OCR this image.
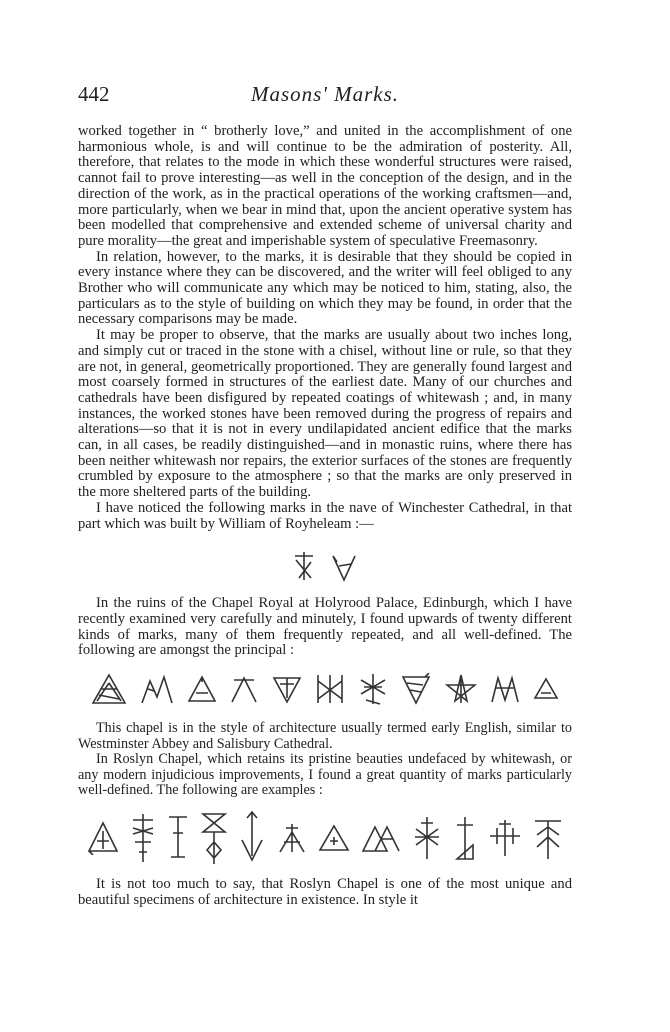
442	Masons' Marks.

worked together in “ brotherly love,” and united in the accomplishment of one harmonious whole, is and will continue to be the admiration of posterity. All, therefore, that relates to the mode in which these wonderful structures were raised, cannot fail to prove interesting—as well in the conception of the design, and in the direction of the work, as in the practical operations of the working craftsmen—and, more particularly, when we bear in mind that, upon the ancient operative system has been modelled that comprehensive and extended scheme of universal charity and pure morality—the great and imperishable system of speculative Freemasonry.

In relation, however, to the marks, it is desirable that they should be copied in every instance where they can be discovered, and the writer will feel obliged to any Brother who will communicate any which may be noticed to him, stating, also, the particulars as to the style of building on which they may be found, in order that the necessary comparisons may be made.

It may be proper to observe, that the marks are usually about two inches long, and simply cut or traced in the stone with a chisel, without line or rule, so that they are not, in general, geometrically proportioned. They are generally found largest and most coarsely formed in structures of the earliest date. Many of our churches and cathedrals have been disfigured by repeated coatings of whitewash ; and, in many instances, the worked stones have been removed during the progress of repairs and alterations—so that it is not in every undilapidated ancient edifice that the marks can, in all cases, be readily distinguished—and in monastic ruins, where there has been neither whitewash nor repairs, the exterior surfaces of the stones are frequently crumbled by exposure to the atmosphere ; so that the marks are only preserved in the more sheltered parts of the building.

I have noticed the following marks in the nave of Winchester Cathedral, in that part which was built by William of Royheleam :—

In the ruins of the Chapel Royal at Holyrood Palace, Edinburgh, which I have recently examined very carefully and minutely, I found upwards of twenty different kinds of marks, many of them frequently repeated, and all well-defined. The following are amongst the principal :

This chapel is in the style of architecture usually termed early English, similar to Westminster Abbey and Salisbury Cathedral.

In Roslyn Chapel, which retains its pristine beauties undefaced by whitewash, or any modern injudicious improvements, I found a great quantity of marks particularly well-defined. The following are examples :

It is not too much to say, that Roslyn Chapel is one of the most unique and beautiful specimens of architecture in existence. In style it
